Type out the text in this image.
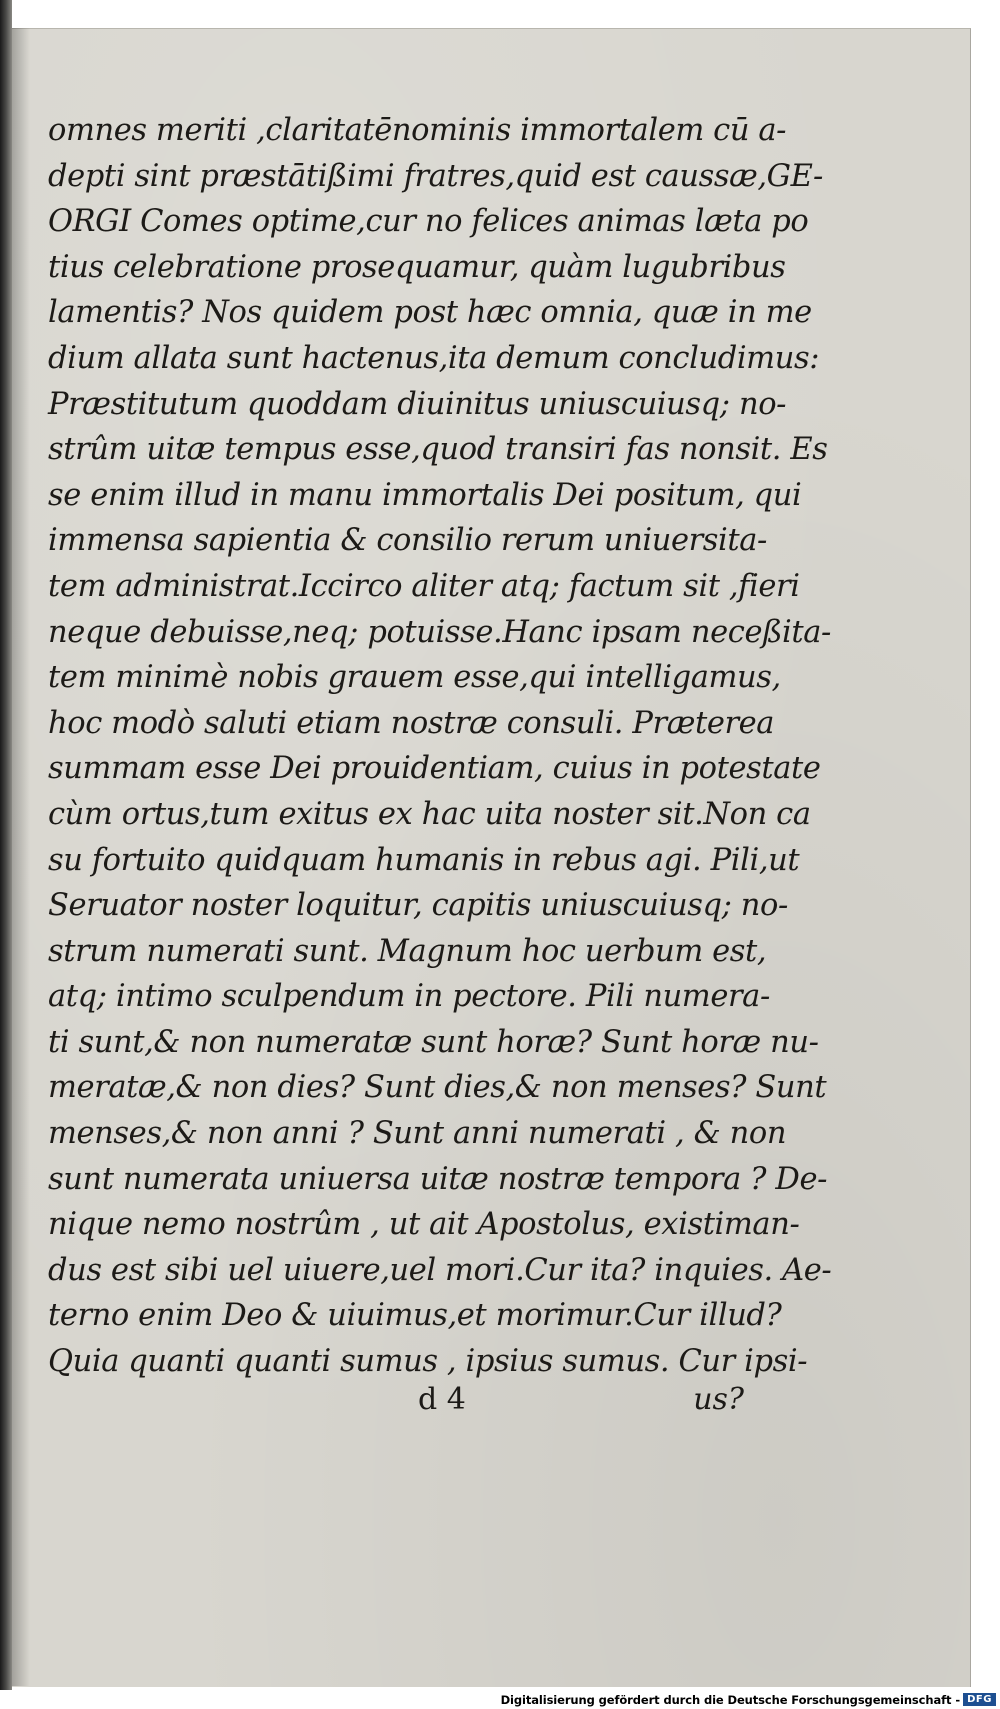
omnes meriti ,claritatēnominis immortalem cū a-
depti sint præstātißimi fratres,quid est caussæ,GE-
ORGI Comes optime,cur no felices animas læta po
tius celebratione prosequamur, quàm lugubribus
lamentis? Nos quidem post hæc omnia, quæ in me
dium allata sunt hactenus,ita demum concludimus:
Præstitutum quoddam diuinitus uniuscuiusq; no-
strûm uitæ tempus esse,quod transiri fas nonsit. Es
se enim illud in manu immortalis Dei positum, qui
immensa sapientia & consilio rerum uniuersita-
tem administrat.Iccirco aliter atq; factum sit ,fieri
neque debuisse,neq; potuisse.Hanc ipsam neceßita-
tem minimè nobis grauem esse,qui intelligamus,
hoc modò saluti etiam nostræ consuli. Præterea
summam esse Dei prouidentiam, cuius in potestate
cùm ortus,tum exitus ex hac uita noster sit.Non ca
su fortuito quidquam humanis in rebus agi. Pili,ut
Seruator noster loquitur, capitis uniuscuiusq; no-
strum numerati sunt. Magnum hoc uerbum est,
atq; intimo sculpendum in pectore. Pili numera-
ti sunt,& non numeratæ sunt horæ? Sunt horæ nu-
meratæ,& non dies? Sunt dies,& non menses? Sunt
menses,& non anni ? Sunt anni numerati , & non
sunt numerata uniuersa uitæ nostræ tempora ? De-
nique nemo nostrûm , ut ait Apostolus, existiman-
dus est sibi uel uiuere,uel mori.Cur ita? inquies. Ae-
terno enim Deo & uiuimus,et morimur.Cur illud?
Quia quanti quanti sumus , ipsius sumus. Cur ipsi-
d 4	us?
Digitalisierung gefördert durch die Deutsche Forschungsgemeinschaft - DFG
